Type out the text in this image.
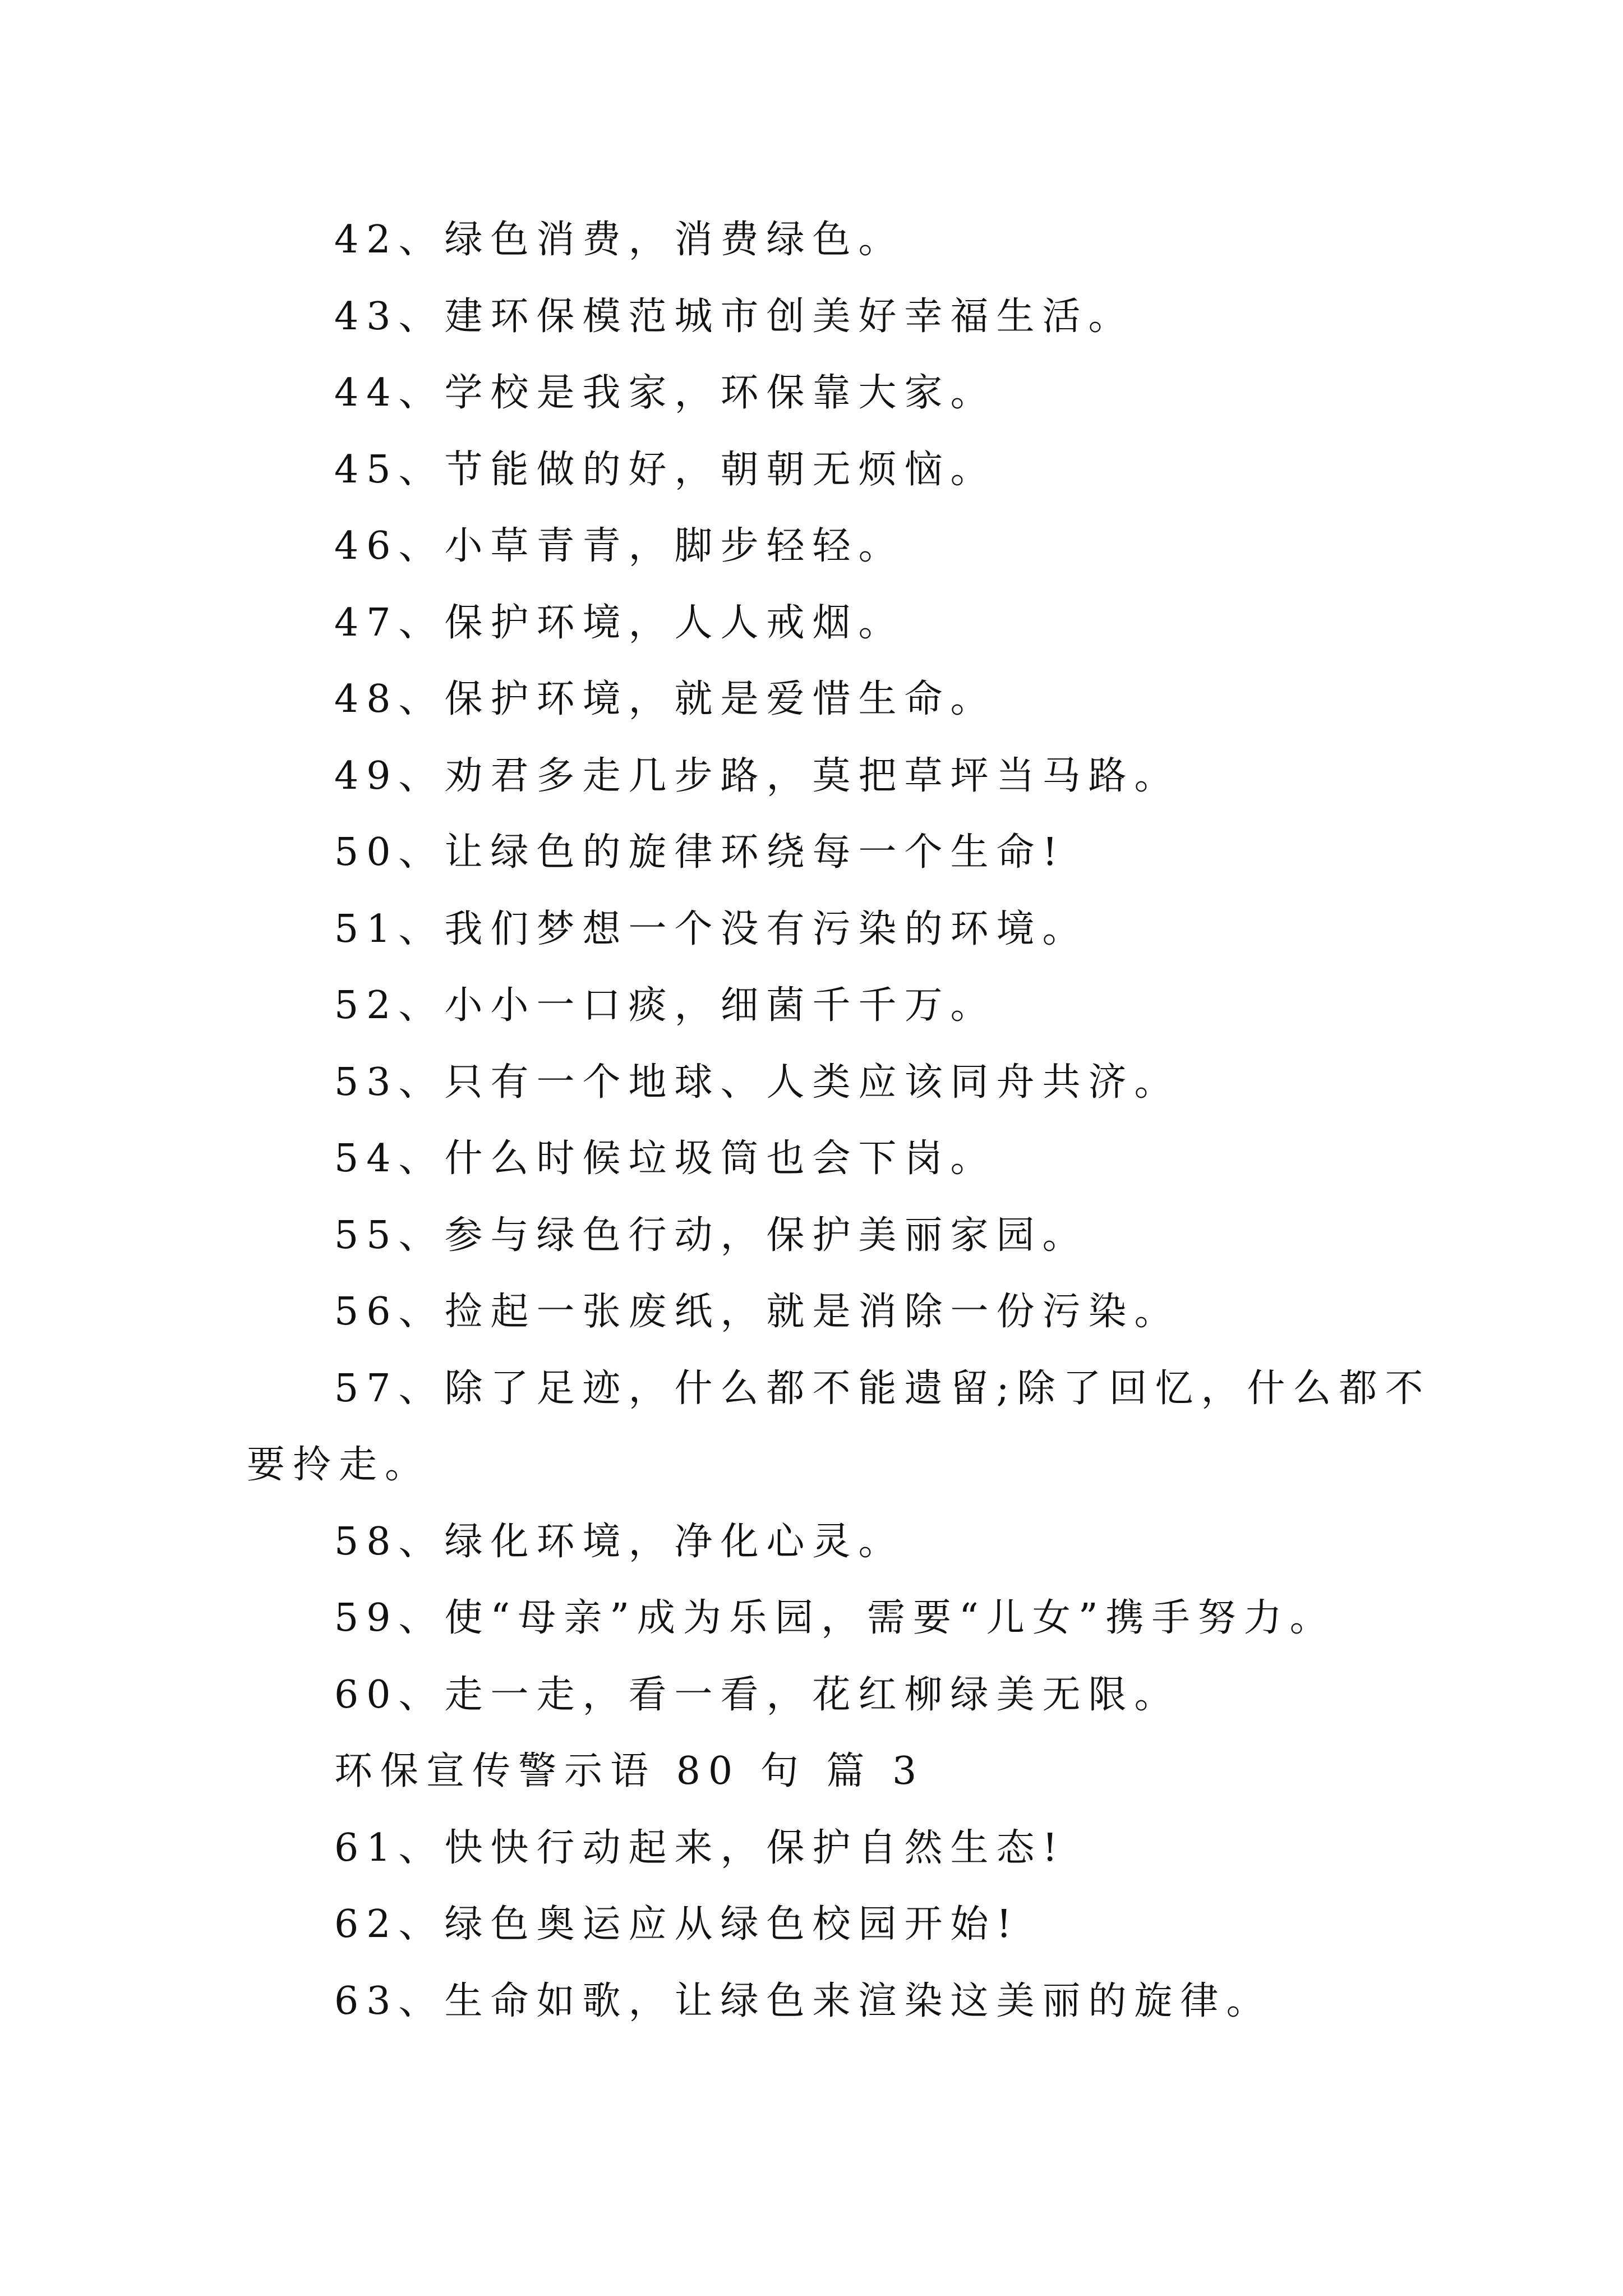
42、绿色消费，消费绿色。
43、建环保模范城市创美好幸福生活。
44、学校是我家，环保靠大家。
45、节能做的好，朝朝无烦恼。
46、小草青青，脚步轻轻。
47、保护环境，人人戒烟。
48、保护环境，就是爱惜生命。
49、劝君多走几步路，莫把草坪当马路。
50、让绿色的旋律环绕每一个生命!
51、我们梦想一个没有污染的环境。
52、小小一口痰，细菌千千万。
53、只有一个地球、人类应该同舟共济。
54、什么时候垃圾筒也会下岗。
55、参与绿色行动，保护美丽家园。
56、捡起一张废纸，就是消除一份污染。
57、除了足迹，什么都不能遗留;除了回忆，什么都不
要拎走。
58、绿化环境，净化心灵。
59、使“母亲”成为乐园，需要“儿女”携手努力。
60、走一走，看一看，花红柳绿美无限。
环保宣传警示语 80 句 篇 3
61、快快行动起来，保护自然生态!
62、绿色奥运应从绿色校园开始!
63、生命如歌，让绿色来渲染这美丽的旋律。
